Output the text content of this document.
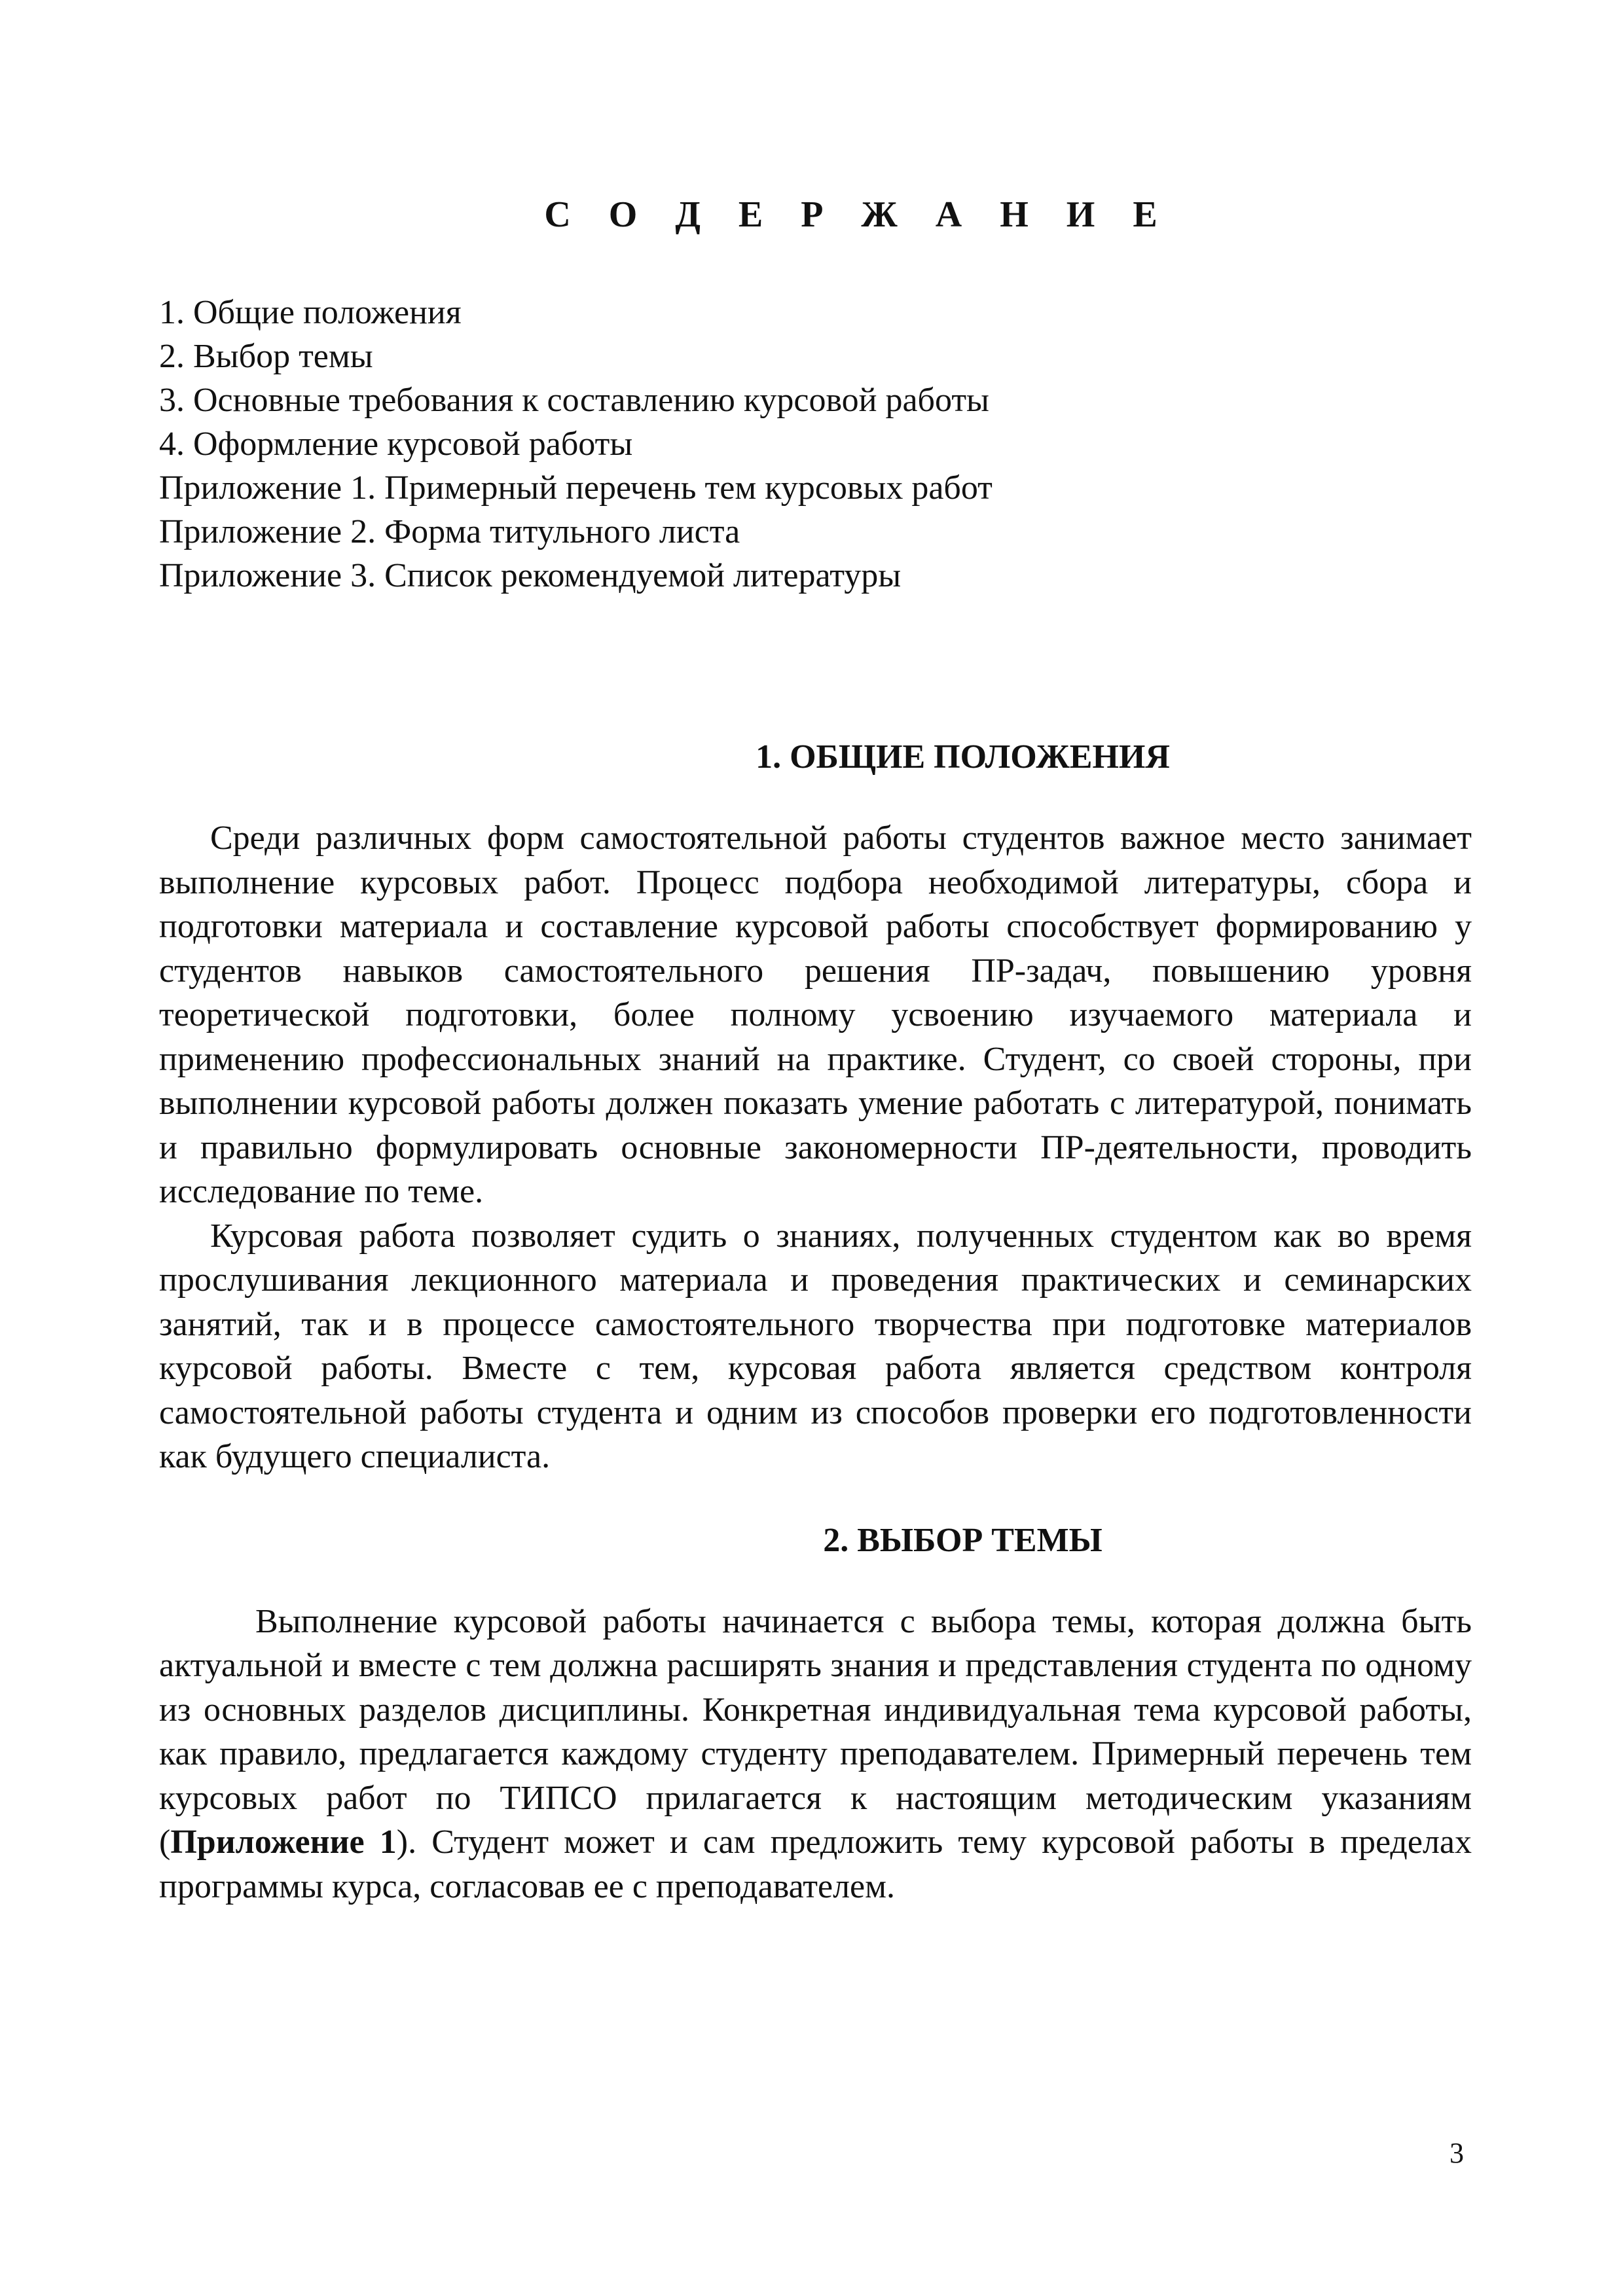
С О Д Е Р Ж А Н И Е
1. Общие положения
2. Выбор темы
3. Основные требования к составлению курсовой работы
4. Оформление курсовой работы
Приложение 1. Примерный перечень тем курсовых работ
Приложение 2. Форма титульного листа
Приложение 3. Список рекомендуемой литературы
1. ОБЩИЕ ПОЛОЖЕНИЯ

Среди различных форм самостоятельной работы студентов важное место занимает выполнение курсовых работ. Процесс подбора необходимой литературы, сбора и подготовки материала и составление курсовой работы способствует формированию у студентов навыков самостоятельного решения ПР-задач, повышению уровня теоретической подготовки, более полному усвоению изучаемого материала и применению профессиональных знаний на практике. Студент, со своей стороны, при выполнении курсовой работы должен показать умение работать с литературой, понимать и правильно формулировать основные закономерности ПР-деятельности, проводить исследование по теме.

Курсовая работа позволяет судить о знаниях, полученных студентом как во время прослушивания лекционного материала и проведения практических и семинарских занятий, так и в процессе самостоятельного творчества при подготовке материалов курсовой работы. Вместе с тем, курсовая работа является средством контроля самостоятельной работы студента и одним из способов проверки его подготовленности как будущего специалиста.

2. ВЫБОР ТЕМЫ

Выполнение курсовой работы начинается с выбора темы, которая должна быть актуальной и вместе с тем должна расширять знания и представления студента по одному из основных разделов дисциплины. Конкретная индивидуальная тема курсовой работы, как правило, предлагается каждому студенту преподавателем. Примерный перечень тем курсовых работ по ТИПСО прилагается к настоящим методическим указаниям (Приложение 1). Студент может и сам предложить тему курсовой работы в пределах программы курса, согласовав ее с преподавателем.

3
